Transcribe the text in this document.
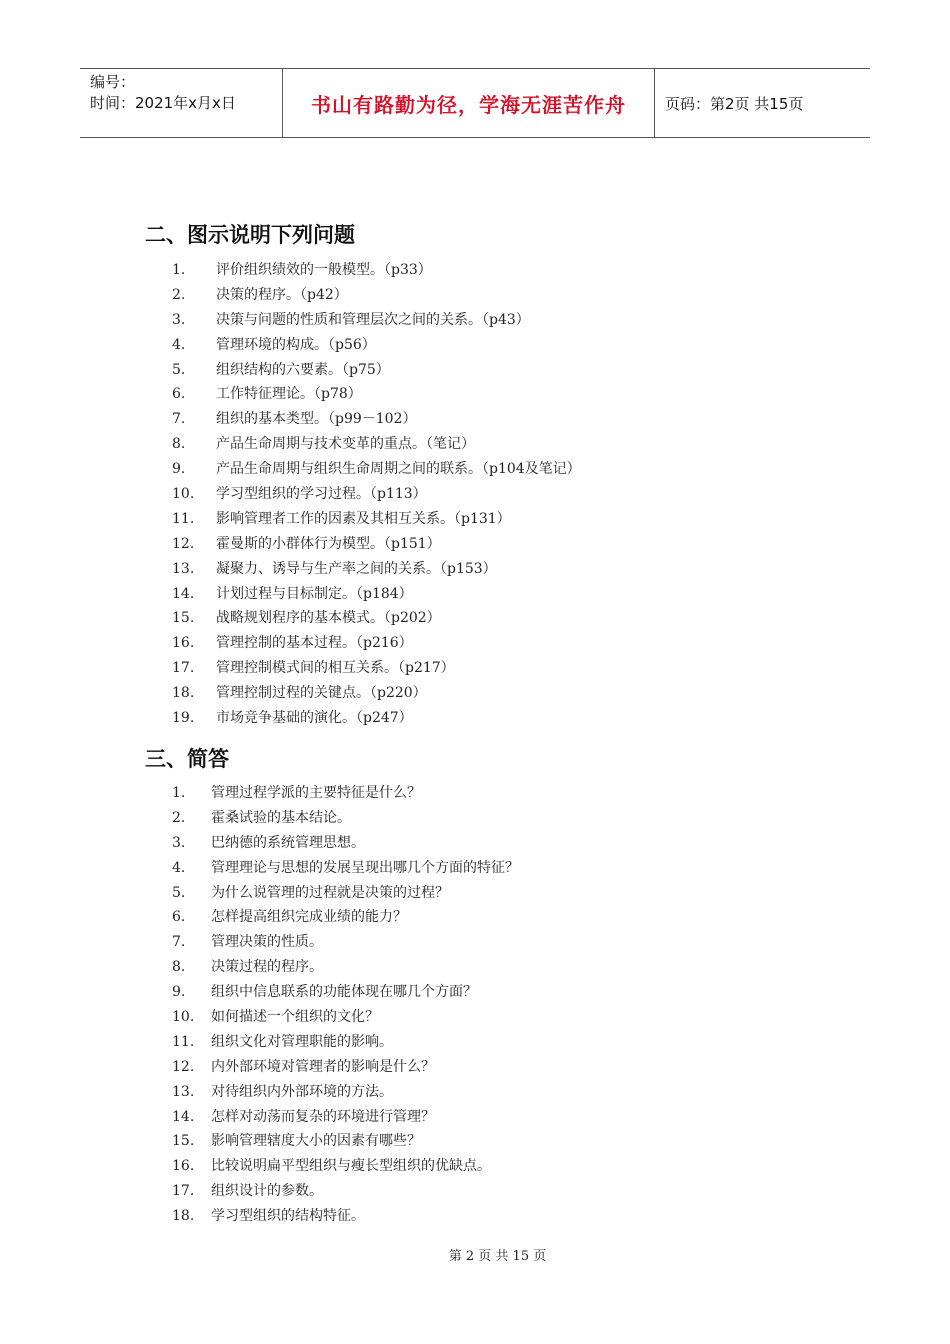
编号：
时间：2021年x月x日	书山有路勤为径，学海无涯苦作舟	页码：第2页 共15页
二、图示说明下列问题
1.	评价组织绩效的一般模型。（p33）
2.	决策的程序。（p42）
3.	决策与问题的性质和管理层次之间的关系。（p43）
4.	管理环境的构成。（p56）
5.	组织结构的六要素。（p75）
6.	工作特征理论。（p78）
7.	组织的基本类型。（p99－102）
8.	产品生命周期与技术变革的重点。（笔记）
9.	产品生命周期与组织生命周期之间的联系。（p104及笔记）
10.	学习型组织的学习过程。（p113）
11.	影响管理者工作的因素及其相互关系。（p131）
12.	霍曼斯的小群体行为模型。（p151）
13.	凝聚力、诱导与生产率之间的关系。（p153）
14.	计划过程与目标制定。（p184）
15.	战略规划程序的基本模式。（p202）
16.	管理控制的基本过程。（p216）
17.	管理控制模式间的相互关系。（p217）
18.	管理控制过程的关键点。（p220）
19.	市场竞争基础的演化。（p247）
三、简答
1.	管理过程学派的主要特征是什么？
2.	霍桑试验的基本结论。
3.	巴纳德的系统管理思想。
4.	管理理论与思想的发展呈现出哪几个方面的特征？
5.	为什么说管理的过程就是决策的过程？
6.	怎样提高组织完成业绩的能力？
7.	管理决策的性质。
8.	决策过程的程序。
9.	组织中信息联系的功能体现在哪几个方面？
10.	如何描述一个组织的文化？
11.	组织文化对管理职能的影响。
12.	内外部环境对管理者的影响是什么？
13.	对待组织内外部环境的方法。
14.	怎样对动荡而复杂的环境进行管理？
15.	影响管理辖度大小的因素有哪些？
16.	比较说明扁平型组织与瘦长型组织的优缺点。
17.	组织设计的参数。
18.	学习型组织的结构特征。
第 2 页 共 15 页
